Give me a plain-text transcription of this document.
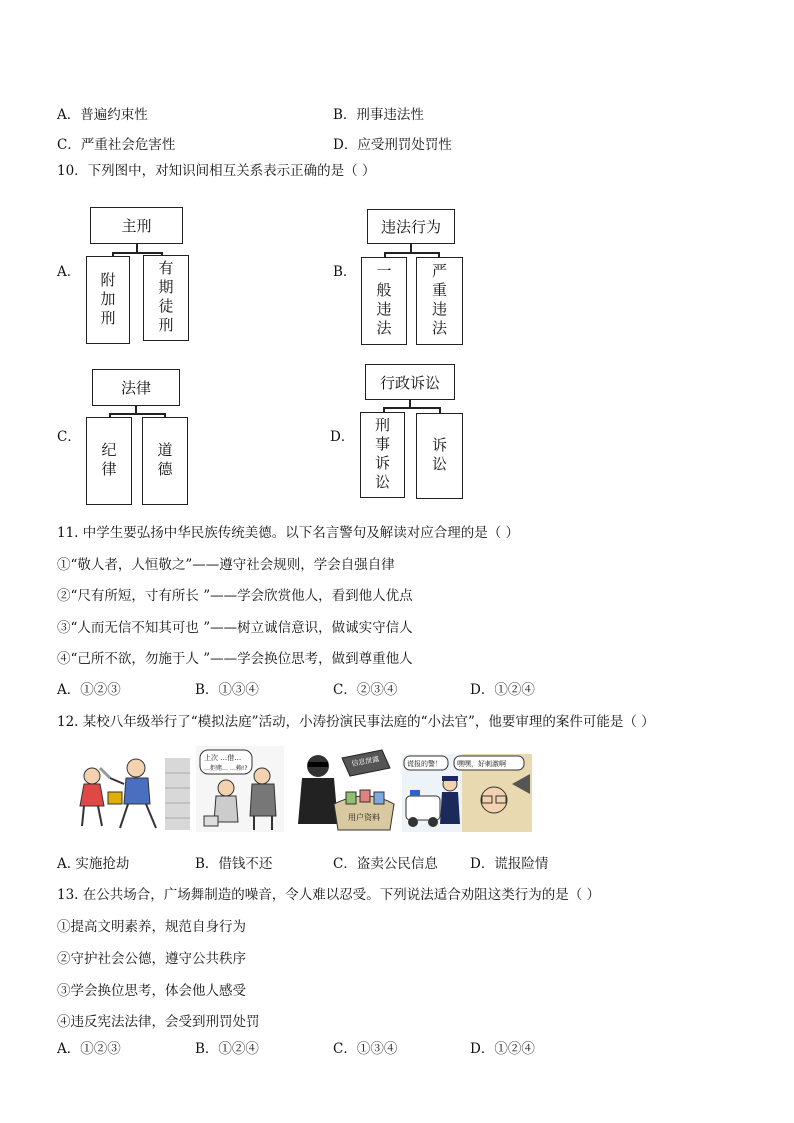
A．普遍约束性	B．刑事违法性
C．严重社会危害性	D．应受刑罚处罚性
10．下列图中，对知识间相互关系表示正确的是（ ）
A．
主刑
附加刑	有期徒刑	B．
违法行为
一般违法	严重违法
C．
法律
纪律	道德
D．
行政诉讼
刑事诉讼	诉讼
11. 中学生要弘扬中华民族传统美德。以下名言警句及解读对应合理的是（ ）
①“敬人者，人恒敬之”——遵守社会规则，学会自强自律
②“尺有所短，寸有所长 ”——学会欣赏他人，看到他人优点
③“人而无信不知其可也 ”——树立诚信意识，做诚实守信人
④“己所不欲，勿施于人 ”——学会换位思考，做到尊重他人
A．①②③	B．①③④	C．②③④	D．①②④
12. 某校八年级举行了“模拟法庭”活动，小涛扮演民事法庭的“小法官”，他要审理的案件可能是（ ）
上次 …借…
…拒赌… …赖!?
信息泄露
用户资料
谎报的警！ 嘿嘿，好刺激啊
A. 实施抢劫	B．借钱不还	C．盗卖公民信息 D．谎报险情
13. 在公共场合，广场舞制造的噪音，令人难以忍受。下列说法适合劝阻这类行为的是（ ）
①提高文明素养，规范自身行为
②守护社会公德，遵守公共秩序
③学会换位思考，体会他人感受
④违反宪法法律，会受到刑罚处罚
A．①②③	B．①②④	C．①③④	D．①②④
